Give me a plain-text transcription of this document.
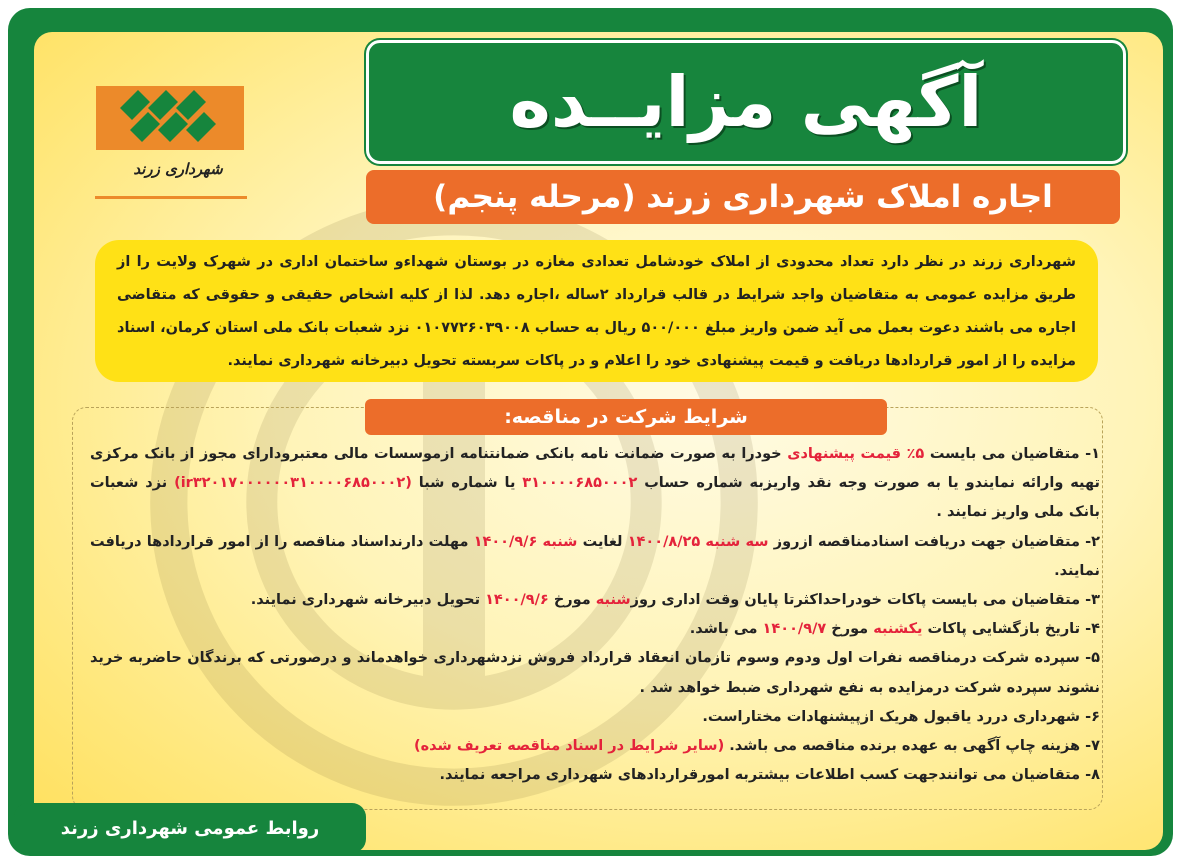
شهرداری زرند
آگهی مزایــده
اجاره املاک شهرداری زرند (مرحله پنجم)
شهرداری زرند در نظر دارد تعداد محدودی از املاک خودشامل تعدادی مغازه در بوستان شهداءو ساختمان اداری در شهرک ولایت را از طریق مزایده عمومی به متقاضیان واجد شرایط در قالب قرارداد ۲ساله ،اجاره دهد. لذا از کلیه اشخاص حقیقی و حقوقی که متقاضی اجاره می باشند دعوت بعمل می آید ضمن واریز مبلغ ۵۰۰/۰۰۰ ریال به حساب ۰۱۰۷۷۲۶۰۳۹۰۰۸ نزد شعبات بانک ملی استان کرمان، اسناد مزایده را از امور قراردادها دریافت و قیمت پیشنهادی خود را اعلام و در پاکات سربسته تحویل دبیرخانه شهرداری نمایند.
شرایط شرکت در مناقصه:

۱- متقاضیان می بایست ۵٪ قیمت پیشنهادی خودرا به صورت ضمانت نامه بانکی ضمانتنامه ازموسسات مالی معتبرودارای مجوز از بانک مرکزی تهیه وارائه نمایندو یا به صورت وجه نقد واریزبه شماره حساب ۳۱۰۰۰۰۶۸۵۰۰۰۲ یا شماره شبا (ir۳۲۰۱۷۰۰۰۰۰۰۳۱۰۰۰۰۶۸۵۰۰۰۲) نزد شعبات بانک ملی واریز نمایند .

۲- متقاضیان جهت دریافت اسنادمناقصه ازروز سه شنبه ۱۴۰۰/۸/۲۵ لغایت شنبه ۱۴۰۰/۹/۶ مهلت دارنداسناد مناقصه را از امور قراردادها دریافت نمایند.

۳- متقاضیان می بایست پاکات خودراحداکثرتا پایان وقت اداری روزشنبه مورخ ۱۴۰۰/۹/۶ تحویل دبیرخانه شهرداری نمایند.

۴- تاریخ بازگشایی پاکات یکشنبه مورخ ۱۴۰۰/۹/۷ می باشد.

۵- سپرده شرکت درمناقصه نفرات اول ودوم وسوم تازمان انعقاد قرارداد فروش نزدشهرداری خواهدماند و درصورتی که برندگان حاضربه خرید نشوند سپرده شرکت درمزایده به نفع شهرداری ضبط خواهد شد .

۶- شهرداری دررد یاقبول هریک ازپیشنهادات مختاراست.

۷- هزینه چاپ آگهی به عهده برنده مناقصه می باشد. (سایر شرایط در اسناد مناقصه تعریف شده)

۸- متقاضیان می توانندجهت کسب اطلاعات بیشتربه امورقراردادهای شهرداری مراجعه نمایند.

روابط عمومی شهرداری زرند
